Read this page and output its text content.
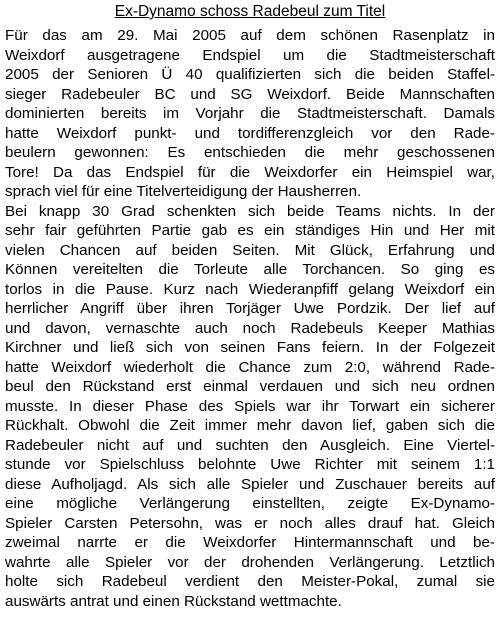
Ex-Dynamo schoss Radebeul zum Titel
Für das am 29. Mai 2005 auf dem schönen Rasenplatz in
Weixdorf ausgetragene Endspiel um die Stadtmeisterschaft
2005 der Senioren Ü 40 qualifizierten sich die beiden Staffel-
sieger Radebeuler BC und SG Weixdorf. Beide Mannschaften
dominierten bereits im Vorjahr die Stadtmeisterschaft. Damals
hatte Weixdorf punkt- und tordifferenzgleich vor den Rade-
beulern gewonnen: Es entschieden die mehr geschossenen
Tore! Da das Endspiel für die Weixdorfer ein Heimspiel war,
sprach viel für eine Titelverteidigung der Hausherren.
Bei knapp 30 Grad schenkten sich beide Teams nichts. In der
sehr fair geführten Partie gab es ein ständiges Hin und Her mit
vielen Chancen auf beiden Seiten. Mit Glück, Erfahrung und
Können vereitelten die Torleute alle Torchancen. So ging es
torlos in die Pause. Kurz nach Wiederanpfiff gelang Weixdorf ein
herrlicher Angriff über ihren Torjäger Uwe Pordzik. Der lief auf
und davon, vernaschte auch noch Radebeuls Keeper Mathias
Kirchner und ließ sich von seinen Fans feiern. In der Folgezeit
hatte Weixdorf wiederholt die Chance zum 2:0, während Rade-
beul den Rückstand erst einmal verdauen und sich neu ordnen
musste. In dieser Phase des Spiels war ihr Torwart ein sicherer
Rückhalt. Obwohl die Zeit immer mehr davon lief, gaben sich die
Radebeuler nicht auf und suchten den Ausgleich. Eine Viertel-
stunde vor Spielschluss belohnte Uwe Richter mit seinem 1:1
diese Aufholjagd. Als sich alle Spieler und Zuschauer bereits auf
eine mögliche Verlängerung einstellten, zeigte Ex-Dynamo-
Spieler Carsten Petersohn, was er noch alles drauf hat. Gleich
zweimal narrte er die Weixdorfer Hintermannschaft und be-
wahrte alle Spieler vor der drohenden Verlängerung. Letztlich
holte sich Radebeul verdient den Meister-Pokal, zumal sie
auswärts antrat und einen Rückstand wettmachte.
